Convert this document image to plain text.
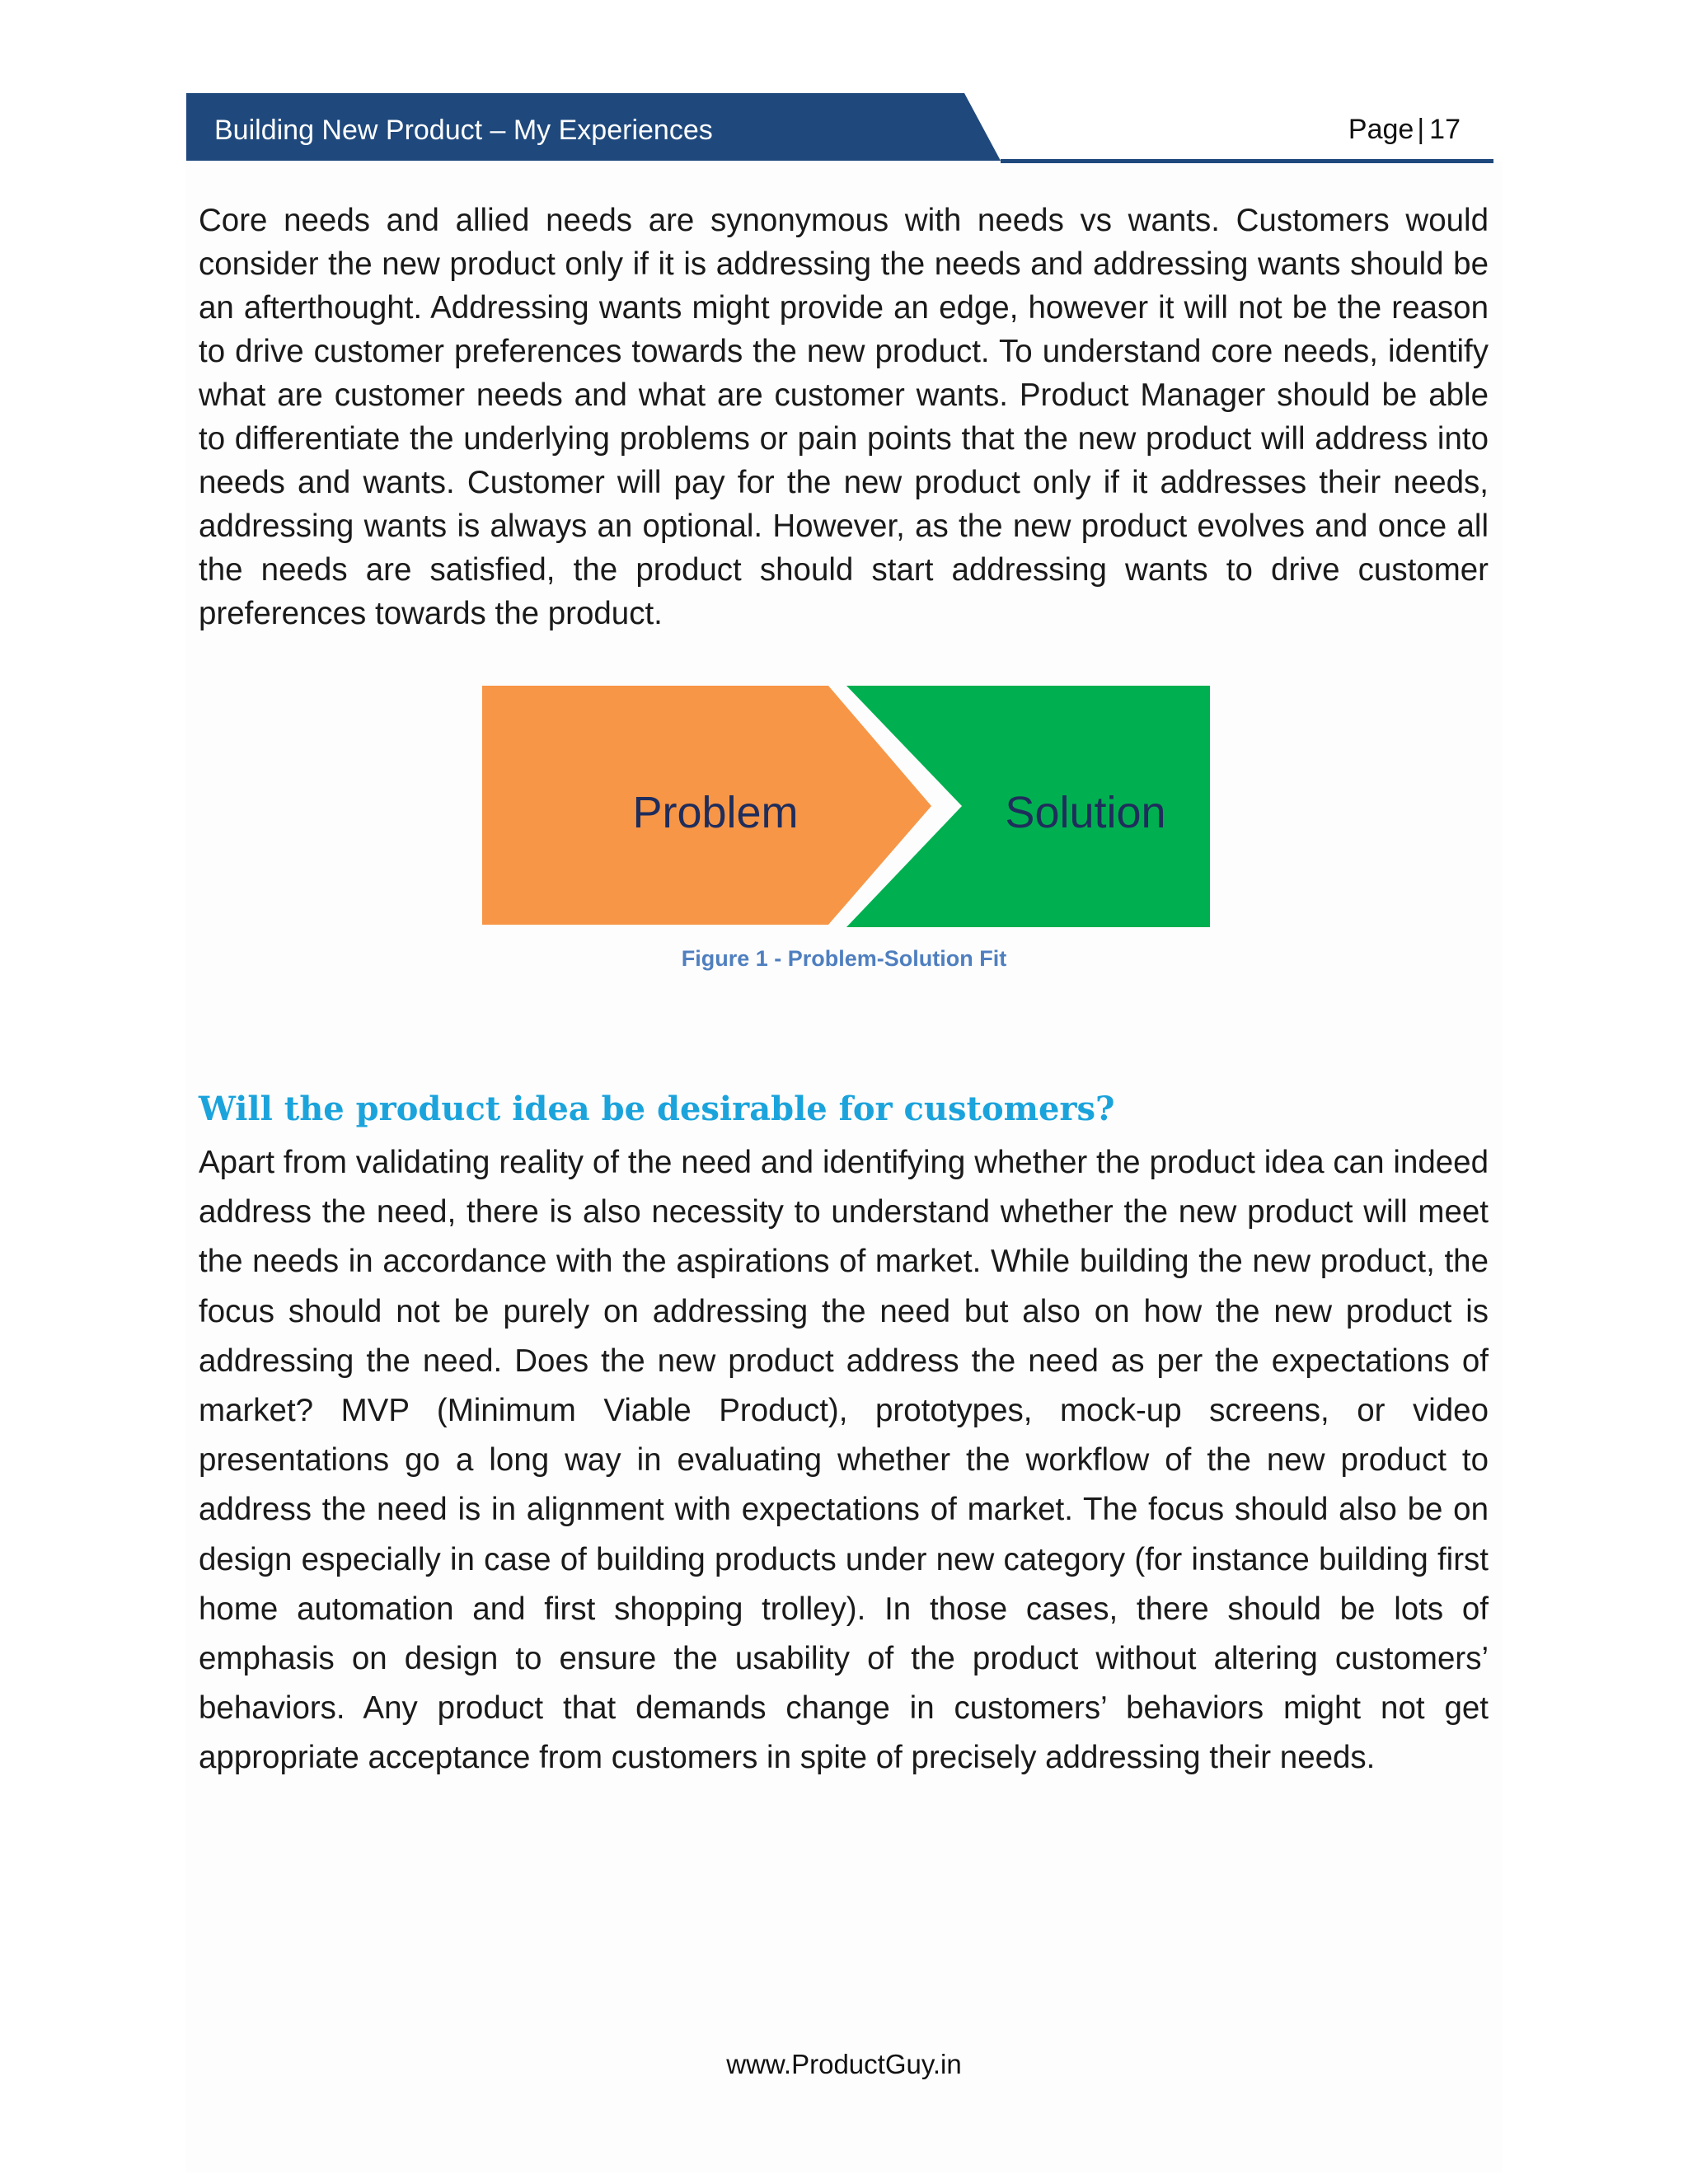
Building New Product – My Experiences	Page | 17

Core needs and allied needs are synonymous with needs vs wants. Customers would consider the new product only if it is addressing the needs and addressing wants should be an afterthought. Addressing wants might provide an edge, however it will not be the reason to drive customer preferences towards the new product. To understand core needs, identify what are customer needs and what are customer wants. Product Manager should be able to differentiate the underlying problems or pain points that the new product will address into needs and wants. Customer will pay for the new product only if it addresses their needs, addressing wants is always an optional. However, as the new product evolves and once all the needs are satisfied, the product should start addressing wants to drive customer preferences towards the product.

Problem	Solution
Figure 1 - Problem-Solution Fit
Will the product idea be desirable for customers?

Apart from validating reality of the need and identifying whether the product idea can indeed address the need, there is also necessity to understand whether the new product will meet the needs in accordance with the aspirations of market. While building the new product, the focus should not be purely on addressing the need but also on how the new product is addressing the need. Does the new product address the need as per the expectations of market? MVP (Minimum Viable Product), prototypes, mock-up screens, or video presentations go a long way in evaluating whether the workflow of the new product to address the need is in alignment with expectations of market. The focus should also be on design especially in case of building products under new category (for instance building first home automation and first shopping trolley). In those cases, there should be lots of emphasis on design to ensure the usability of the product without altering customers’ behaviors. Any product that demands change in customers’ behaviors might not get appropriate acceptance from customers in spite of precisely addressing their needs.

www.ProductGuy.in
